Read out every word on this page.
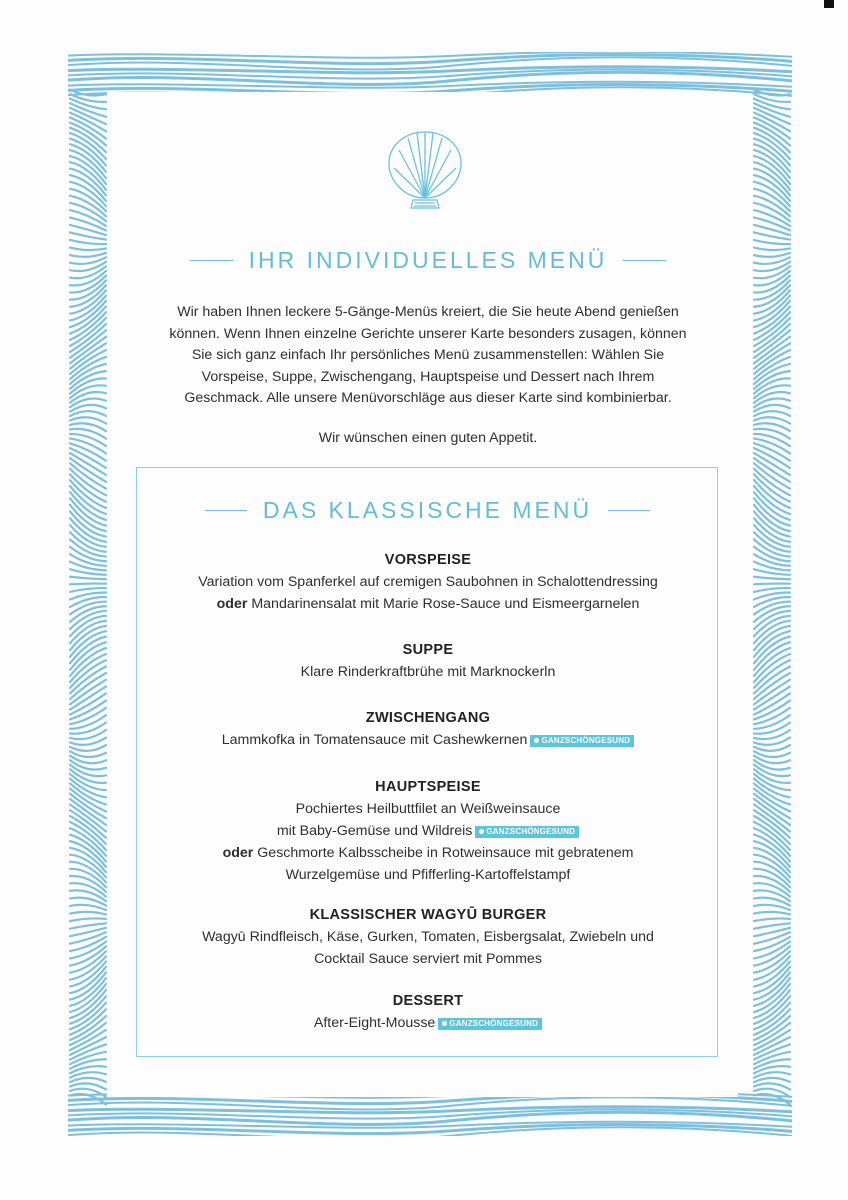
IHR INDIVIDUELLES MENÜ

Wir haben Ihnen leckere 5-Gänge-Menüs kreiert, die Sie heute Abend genießen

können. Wenn Ihnen einzelne Gerichte unserer Karte besonders zusagen, können

Sie sich ganz einfach Ihr persönliches Menü zusammenstellen: Wählen Sie

Vorspeise, Suppe, Zwischengang, Hauptspeise und Dessert nach Ihrem

Geschmack. Alle unsere Menüvorschläge aus dieser Karte sind kombinierbar.

Wir wünschen einen guten Appetit.
DAS KLASSISCHE MENÜ
VORSPEISE

Variation vom Spanferkel auf cremigen Saubohnen in Schalottendressing

oder Mandarinensalat mit Marie Rose-Sauce und Eismeergarnelen

SUPPE

Klare Rinderkraftbrühe mit Marknockerln

ZWISCHENGANG

Lammkofka in Tomatensauce mit Cashewkernen GANZSCHÖNGESUND

HAUPTSPEISE

Pochiertes Heilbuttfilet an Weißweinsauce

mit Baby-Gemüse und Wildreis GANZSCHÖNGESUND

oder Geschmorte Kalbsscheibe in Rotweinsauce mit gebratenem

Wurzelgemüse und Pfifferling-Kartoffelstampf

KLASSISCHER WAGYŪ BURGER

Wagyū Rindfleisch, Käse, Gurken, Tomaten, Eisbergsalat, Zwiebeln und

Cocktail Sauce serviert mit Pommes

DESSERT

After-Eight-Mousse GANZSCHÖNGESUND
